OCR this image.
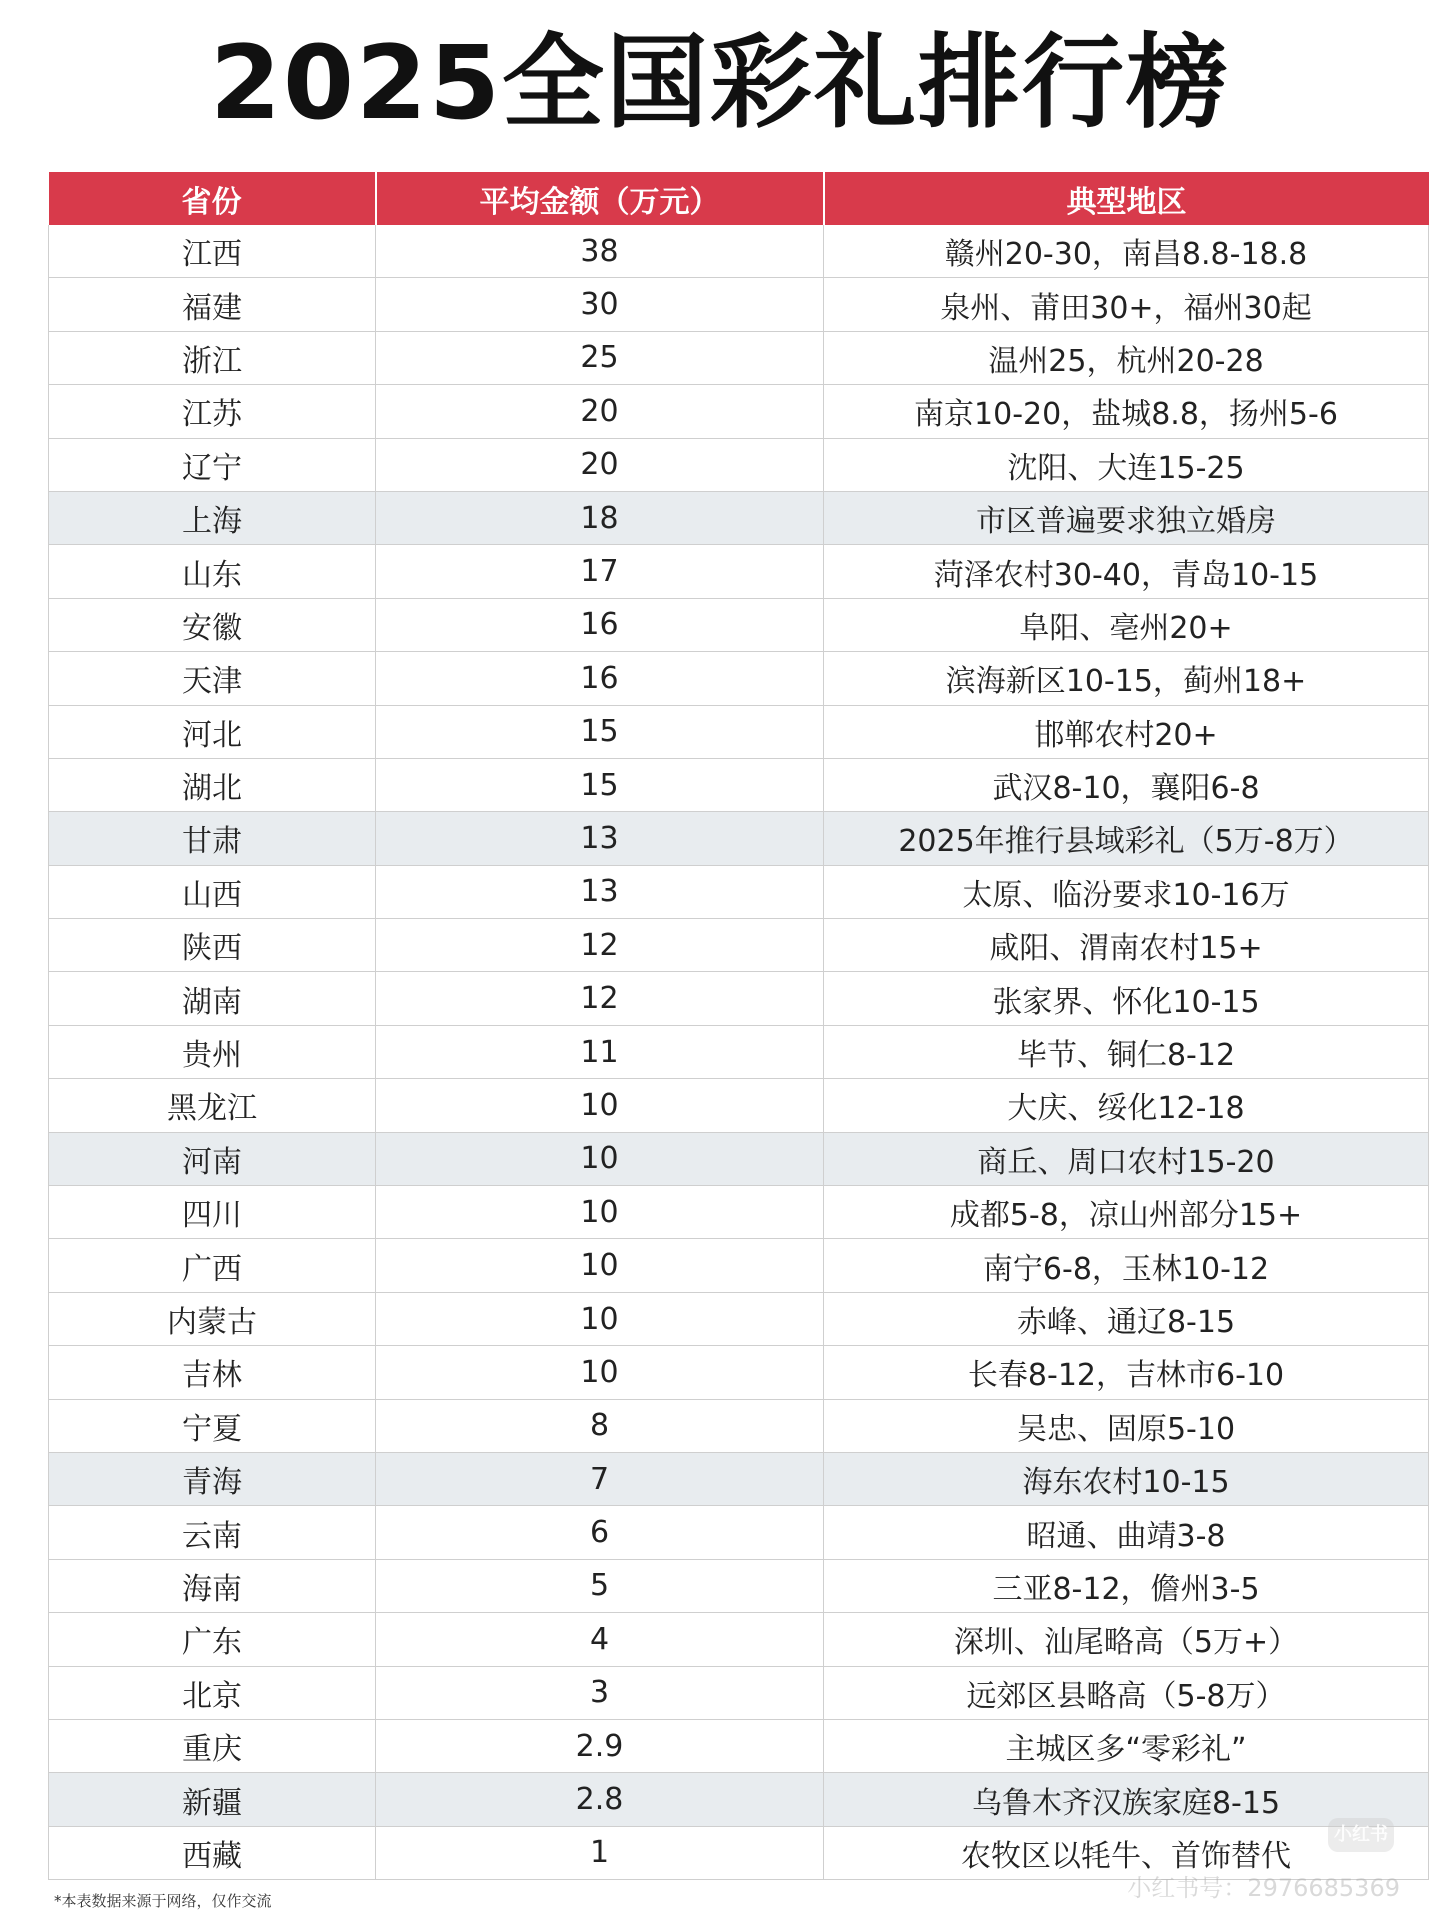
2025全国彩礼排行榜
省份	平均金额（万元）	典型地区
江西	38	赣州20-30，南昌8.8-18.8
福建	30	泉州、莆田30+，福州30起
浙江	25	温州25，杭州20-28
江苏	20	南京10-20，盐城8.8，扬州5-6
辽宁	20	沈阳、大连15-25
上海	18	市区普遍要求独立婚房
山东	17	菏泽农村30-40，青岛10-15
安徽	16	阜阳、亳州20+
天津	16	滨海新区10-15，蓟州18+
河北	15	邯郸农村20+
湖北	15	武汉8-10，襄阳6-8
甘肃	13	2025年推行县域彩礼（5万-8万）
山西	13	太原、临汾要求10-16万
陕西	12	咸阳、渭南农村15+
湖南	12	张家界、怀化10-15
贵州	11	毕节、铜仁8-12
黑龙江	10	大庆、绥化12-18
河南	10	商丘、周口农村15-20
四川	10	成都5-8，凉山州部分15+
广西	10	南宁6-8，玉林10-12
内蒙古	10	赤峰、通辽8-15
吉林	10	长春8-12，吉林市6-10
宁夏	8	吴忠、固原5-10
青海	7	海东农村10-15
云南	6	昭通、曲靖3-8
海南	5	三亚8-12，儋州3-5
广东	4	深圳、汕尾略高（5万+）
北京	3	远郊区县略高（5-8万）
重庆	2.9	主城区多“零彩礼”
新疆	2.8	乌鲁木齐汉族家庭8-15
西藏	1	农牧区以牦牛、首饰替代
*本表数据来源于网络，仅作交流
小红书
小红书号：2976685369
